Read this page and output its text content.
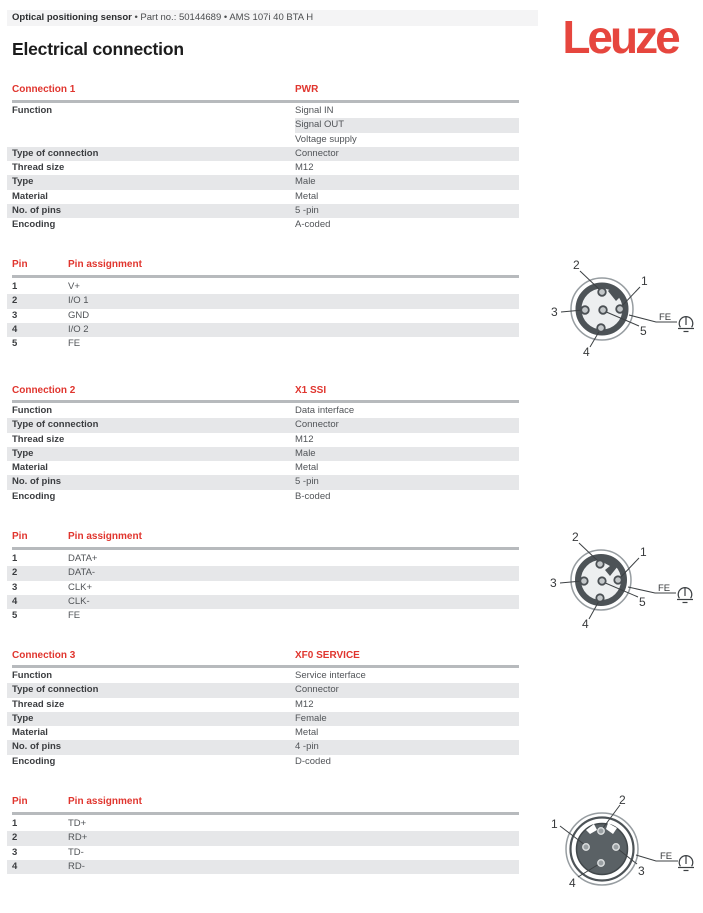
Optical positioning sensor • Part no.: 50144689 • AMS 107i 40 BTA H	Leuze
Electrical connection
Connection 1	PWR
Function	Signal IN
Signal OUT
Voltage supply
Type of connection	Connector
Thread size	M12
Type	Male
Material	Metal
No. of pins	5 -pin
Encoding	A-coded
Pin	Pin assignment
1	V+
2	I/O 1
3	GND
4	I/O 2
5	FE
2
1
3
5
4
FE
Connection 2	X1 SSI
Function	Data interface
Type of connection	Connector
Thread size	M12
Type	Male
Material	Metal
No. of pins	5 -pin
Encoding	B-coded
Pin	Pin assignment
1	DATA+
2	DATA-
3	CLK+
4	CLK-
5	FE
2
1
3
5
4
FE
Connection 3	XF0 SERVICE
Function	Service interface
Type of connection	Connector
Thread size	M12
Type	Female
Material	Metal
No. of pins	4 -pin
Encoding	D-coded
Pin	Pin assignment
1	TD+
2	RD+
3	TD-
4	RD-
2
1
3
4
FE
